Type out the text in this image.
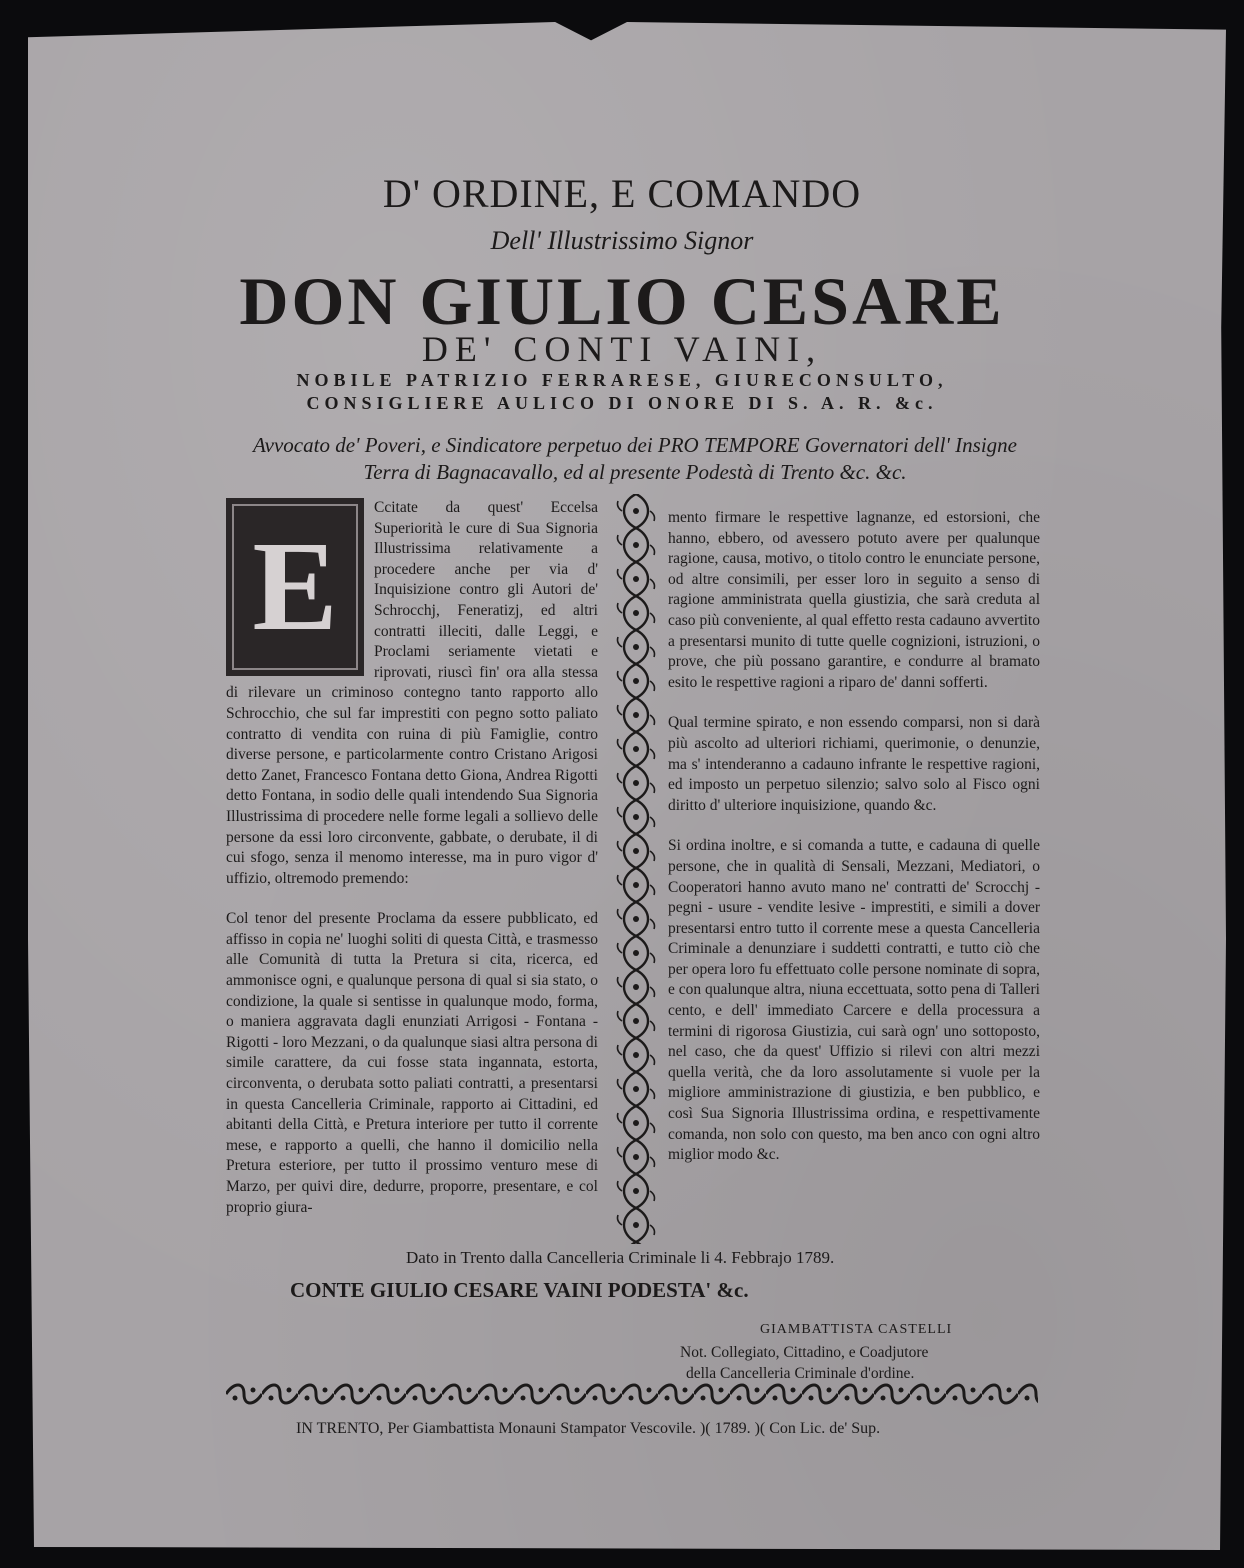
D' ORDINE, E COMANDO
Dell' Illustrissimo Signor
DON GIULIO CESARE
DE' CONTI VAINI,
NOBILE PATRIZIO FERRARESE, GIURECONSULTO,
CONSIGLIERE AULICO DI ONORE DI S. A. R. &c.
Avvocato de' Poveri, e Sindicatore perpetuo dei PRO TEMPORE Governatori dell' Insigne Terra di Bagnacavallo, ed al presente Podestà di Trento &c. &c.
E

Ccitate da quest' Eccelsa Superiorità le cure di Sua Signoria Illustrissima relativamente a procedere anche per via d' Inquisizione contro gli Autori de' Schrocchj, Feneratizj, ed altri contratti illeciti, dalle Leggi, e Proclami seriamente vietati e riprovati, riuscì fin' ora alla stessa di rilevare un criminoso contegno tanto rapporto allo Schrocchio, che sul far imprestiti con pegno sotto paliato contratto di vendita con ruina di più Famiglie, contro diverse persone, e particolarmente contro Cristano Arigosi detto Zanet, Francesco Fontana detto Giona, Andrea Rigotti detto Fontana, in sodio delle quali intendendo Sua Signoria Illustrissima di procedere nelle forme legali a sollievo delle persone da essi loro circonvente, gabbate, o derubate, il di cui sfogo, senza il menomo interesse, ma in puro vigor d' uffizio, oltremodo premendo:

Col tenor del presente Proclama da essere pubblicato, ed affisso in copia ne' luoghi soliti di questa Città, e trasmesso alle Comunità di tutta la Pretura si cita, ricerca, ed ammonisce ogni, e qualunque persona di qual si sia stato, o condizione, la quale si sentisse in qualunque modo, forma, o maniera aggravata dagli enunziati Arrigosi - Fontana - Rigotti - loro Mezzani, o da qualunque siasi altra persona di simile carattere, da cui fosse stata ingannata, estorta, circonventa, o derubata sotto paliati contratti, a presentarsi in questa Cancelleria Criminale, rapporto ai Cittadini, ed abitanti della Città, e Pretura interiore per tutto il corrente mese, e rapporto a quelli, che hanno il domicilio nella Pretura esteriore, per tutto il prossimo venturo mese di Marzo, per quivi dire, dedurre, proporre, presentare, e col proprio giura-

mento firmare le respettive lagnanze, ed estorsioni, che hanno, ebbero, od avessero potuto avere per qualunque ragione, causa, motivo, o titolo contro le enunciate persone, od altre consimili, per esser loro in seguito a senso di ragione amministrata quella giustizia, che sarà creduta al caso più conveniente, al qual effetto resta cadauno avvertito a presentarsi munito di tutte quelle cognizioni, istruzioni, o prove, che più possano garantire, e condurre al bramato esito le respettive ragioni a riparo de' danni sofferti.

Qual termine spirato, e non essendo comparsi, non si darà più ascolto ad ulteriori richiami, querimonie, o denunzie, ma s' intenderanno a cadauno infrante le respettive ragioni, ed imposto un perpetuo silenzio; salvo solo al Fisco ogni diritto d' ulteriore inquisizione, quando &c.

Si ordina inoltre, e si comanda a tutte, e cadauna di quelle persone, che in qualità di Sensali, Mezzani, Mediatori, o Cooperatori hanno avuto mano ne' contratti de' Scrocchj - pegni - usure - vendite lesive - imprestiti, e simili a dover presentarsi entro tutto il corrente mese a questa Cancelleria Criminale a denunziare i suddetti contratti, e tutto ciò che per opera loro fu effettuato colle persone nominate di sopra, e con qualunque altra, niuna eccettuata, sotto pena di Talleri cento, e dell' immediato Carcere e della processura a termini di rigorosa Giustizia, cui sarà ogn' uno sottoposto, nel caso, che da quest' Uffizio si rilevi con altri mezzi quella verità, che da loro assolutamente si vuole per la migliore amministrazione di giustizia, e ben pubblico, e così Sua Signoria Illustrissima ordina, e respettivamente comanda, non solo con questo, ma ben anco con ogni altro miglior modo &c.

Dato in Trento dalla Cancelleria Criminale li 4. Febbrajo 1789.
CONTE GIULIO CESARE VAINI PODESTA' &c.
GIAMBATTISTA CASTELLI
Not. Collegiato, Cittadino, e Coadjutore
della Cancelleria Criminale d'ordine.
IN TRENTO, Per Giambattista Monauni Stampator Vescovile. )( 1789. )( Con Lic. de' Sup.
